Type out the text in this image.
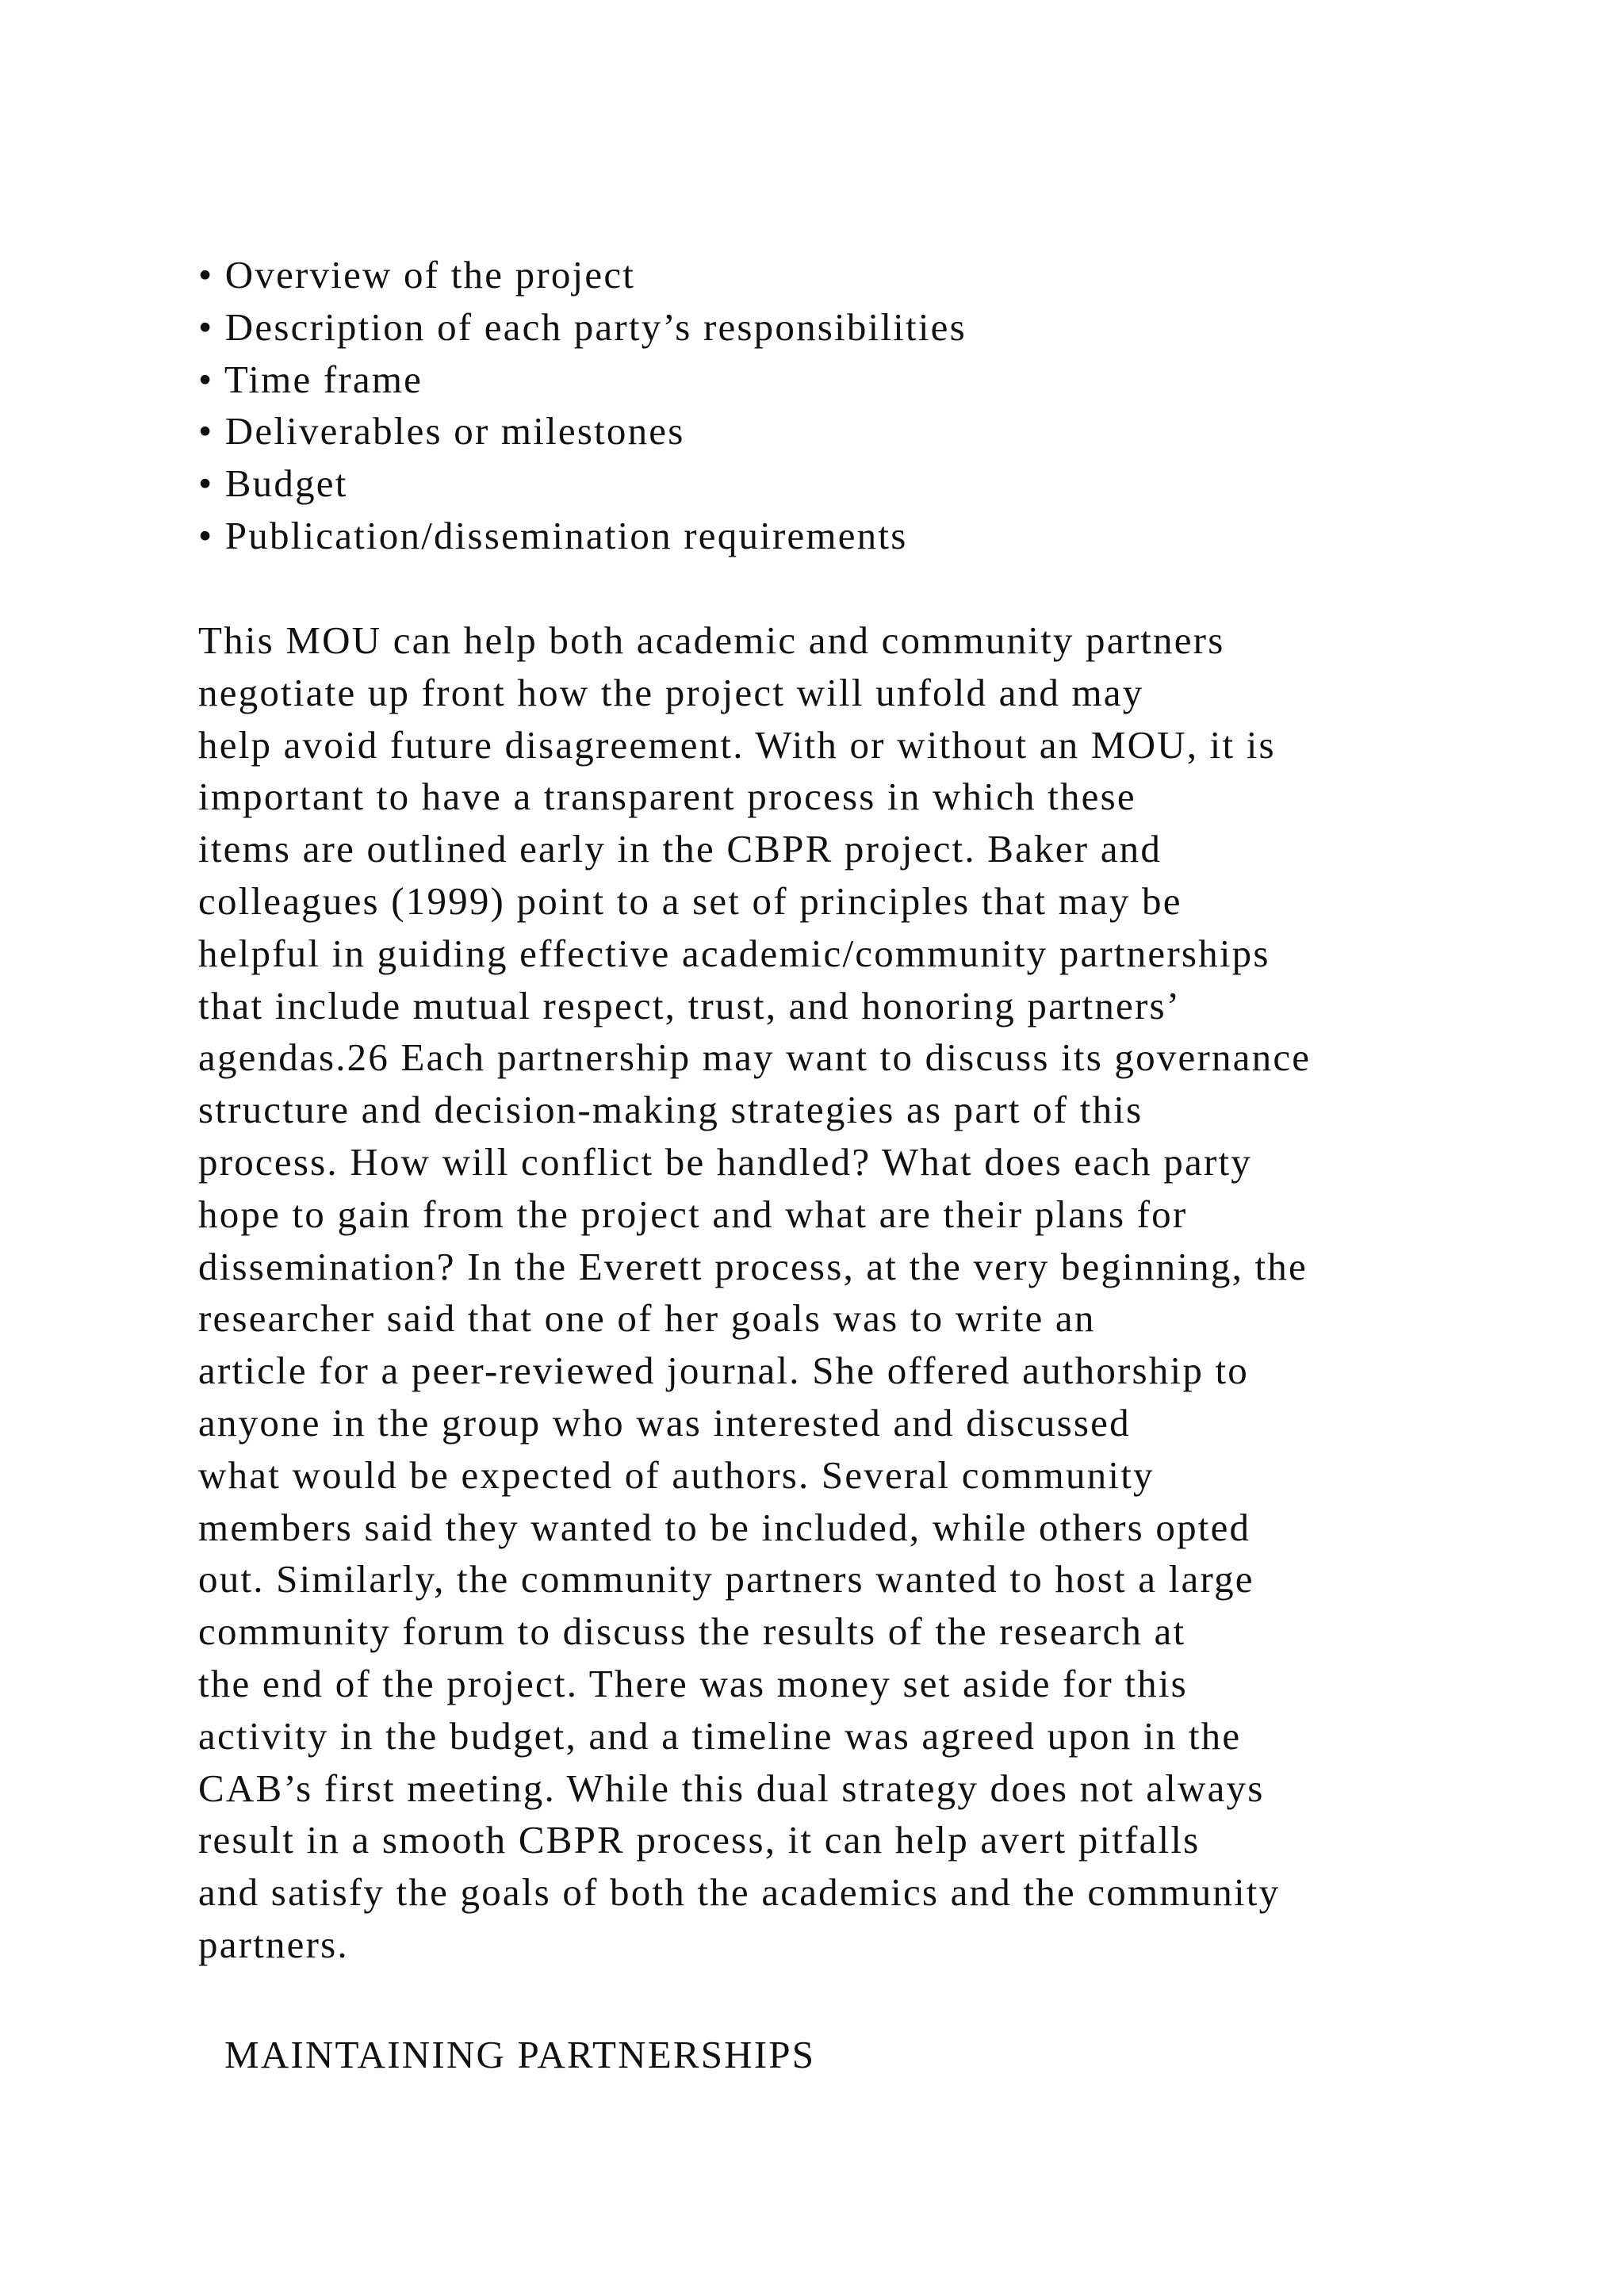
• Overview of the project
• Description of each party’s responsibilities
• Time frame
• Deliverables or milestones
• Budget
• Publication/dissemination requirements
This MOU can help both academic and community partners
negotiate up front how the project will unfold and may
help avoid future disagreement. With or without an MOU, it is
important to have a transparent process in which these
items are outlined early in the CBPR project. Baker and
colleagues (1999) point to a set of principles that may be
helpful in guiding effective academic/community partnerships
that include mutual respect, trust, and honoring partners’
agendas.26 Each partnership may want to discuss its governance
structure and decision-making strategies as part of this
process. How will conflict be handled? What does each party
hope to gain from the project and what are their plans for
dissemination? In the Everett process, at the very beginning, the
researcher said that one of her goals was to write an
article for a peer-reviewed journal. She offered authorship to
anyone in the group who was interested and discussed
what would be expected of authors. Several community
members said they wanted to be included, while others opted
out. Similarly, the community partners wanted to host a large
community forum to discuss the results of the research at
the end of the project. There was money set aside for this
activity in the budget, and a timeline was agreed upon in the
CAB’s first meeting. While this dual strategy does not always
result in a smooth CBPR process, it can help avert pitfalls
and satisfy the goals of both the academics and the community
partners.
MAINTAINING PARTNERSHIPS
